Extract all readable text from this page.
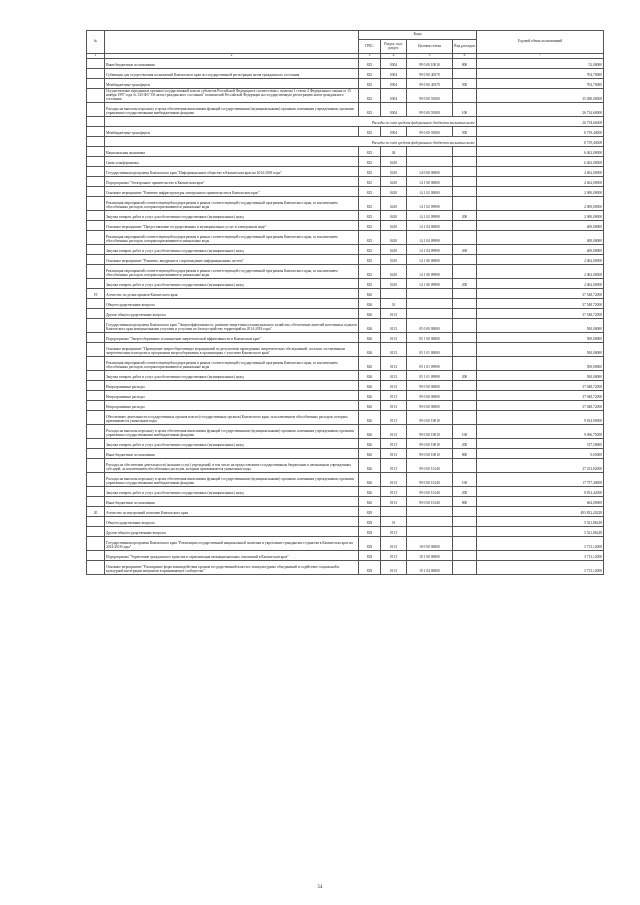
№		Коды				Годовой объем ассигнований
		ГРБС	Раздел, под-раздел	Целевая статья	Вид расходов	
1	2	3	4	5	6	7
	Иные бюджетные ассигнования	825	0304	99 0 00 10010	800	52,00000
	Субвенции для осуществления полномочий Камчатского края по государственной регистрации актов гражданского состояния	825	0304	99 0 00 40370		704,70000
	Межбюджетные трансферты	825	0304	99 0 00 40370	500	704,70000
	Осуществление переданных органам государственной власти субъектов Российской Федерации в соответствии с пунктом 1 статьи 4 Федерального закона от 15 ноября 1997 года № 143-ФЗ "Об актах гражданского состояния" полномочий Российской Федерации на государственную регистрацию актов гражданского состояния	825	0304	99 0 00 59300		35 490,00000
	Расходы на выплаты персоналу в целях обеспечения выполнения функций государственными (муниципальными) органами, казенными учреждениями, органами управления государственными внебюджетными фондами	825	0304	99 0 00 59300	100	26 734,60000
	Расходы за счет средств федерального бюджета письменно ниже					26 734,60000
	Межбюджетные трансферты	825	0304	99 0 00 59300	500	8 739,40000
	Расходы за счет средств федерального бюджета письменно ниже					8 739,40000
	Национальная экономика	825	04			6 462,00000
	Связь и информатика	825	0410			6 462,00000
	Государственная программа Камчатского края "Информационное общество в Камчатском крае на 2014-2018 годы"	825	0410	14 0 00 00000		4 462,00000
	Подпрограмма "Электронное правительство в Камчатском крае"	825	0410	14 1 00 00000		4 462,00000
	Основное мероприятие "Развитие инфраструктуры электронного правительства в Камчатском крае"	825	0410	14 1 02 00000		2 000,00000
	Реализация мероприятий соответствующей подпрограммы в рамках соответствующей государственной программы Камчатского края, за исключением обособленных расходов, которым присваиваются уникальные коды	825	0410	14 1 02 09990		2 000,00000
	Закупка товаров, работ и услуг для обеспечения государственных (муниципальных) нужд	825	0410	14 1 02 09990	200	2 000,00000
	Основное мероприятие "Предоставление государственных и муниципальных услуг в электронном виде"	825	0410	14 1 04 00000		400,00000
	Реализация мероприятий соответствующей подпрограммы в рамках соответствующей государственной программы Камчатского края, за исключением обособленных расходов, которым присваиваются уникальные коды	825	0410	14 1 04 09990		400,00000
	Закупка товаров, работ и услуг для обеспечения государственных (муниципальных) нужд	825	0410	14 1 04 09990	200	400,00000
	Основное мероприятие "Развитие, внедрение и сопровождение информационных систем"	825	0410	14 1 06 00000		2 062,00000
	Реализация мероприятий соответствующей подпрограммы в рамках соответствующей государственной программы Камчатского края, за исключением обособленных расходов, которым присваиваются уникальные коды	825	0410	14 1 06 09990		2 062,00000
	Закупка товаров, работ и услуг для обеспечения государственных (муниципальных) нужд	825	0410	14 1 06 09990	200	2 062,00000
19	Агентство по делам архивов Камчатского края	826				37 548,72000
	Общегосударственные вопросы	826	01			37 548,72000
	Другие общегосударственные вопросы	826	0113			37 548,72000
	Государственная программа Камчатского края "Энергоэффективность, развитие энергетики и коммунального хозяйства, обеспечение жителей населенных пунктов Камчатского края коммунальными услугами и услугами по благоустройству территорий на 2014-2018 годы"	826	0113	05 0 00 00000		500,00000
	Подпрограмма "Энергосбережение и повышение энергетической эффективности в Камчатском крае"	826	0113	05 1 00 00000		500,00000
	Основное мероприятие "Проведение энергосберегающих мероприятий по результатам проведенных энергетических обследований, согласно составленным энергетическим паспортам и программам энергосбережения в организациях с участием Камчатского края"	826	0113	05 1 01 00000		500,00000
	Реализация мероприятий соответствующей подпрограммы в рамках соответствующей государственной программы Камчатского края, за исключением обособленных расходов, которым присваиваются уникальные коды	826	0113	05 1 01 09990		500,00000
	Закупка товаров, работ и услуг для обеспечения государственных (муниципальных) нужд	826	0113	05 1 01 09990	200	500,00000
	Непрограммные расходы	826	0113	99 0 00 00000		37 048,72000
	Непрограммные расходы	826	0113	99 0 00 00000		37 048,72000
	Непрограммные расходы	826	0113	99 0 00 00000		37 048,72000
	Обеспечение деятельности государственных органов власти (государственных органов) Камчатского края, за исключением обособленных расходов, которым присваиваются уникальные коды	826	0113	99 0 00 10010		9 814,90000
	Расходы на выплаты персоналу в целях обеспечения выполнения функций государственными (муниципальными) органами, казенными учреждениями, органами управления государственными внебюджетными фондами	826	0113	99 0 00 10010	100	9 496,75000
	Закупка товаров, работ и услуг для обеспечения государственных (муниципальных) нужд	826	0113	99 0 00 10010	200	317,50000
	Иные бюджетные ассигнования	826	0113	99 0 00 10010	800	0,65000
	Расходы на обеспечение деятельности (оказание услуг) учреждений, в том числе на предоставление государственным бюджетным и автономным учреждениям субсидий, за исключением обособленных расходов, которым присваиваются уникальные коды	826	0113	99 0 00 10140		27 233,82000
	Расходы на выплаты персоналу в целях обеспечения выполнения функций государственными (муниципальными) органами, казенными учреждениями, органами управления государственными внебюджетными фондами	826	0113	99 0 00 10140	100	17 757,40000
	Закупка товаров, работ и услуг для обеспечения государственных (муниципальных) нужд	826	0113	99 0 00 10140	200	8 812,42000
	Иные бюджетные ассигнования	826	0113	99 0 00 10140	800	664,00000
20	Агентство по внутренней политике Камчатского края	829				493 852,20228
	Общегосударственные вопросы	829	01			5 321,86228
	Другие общегосударственные вопросы	829	0113			5 321,86228
	Государственная программа Камчатского края "Реализация государственной национальной политики и укрепление гражданского единства в Камчатском крае на 2014-2018 годы"	829	0113	18 0 00 00000		3 713,12000
	Подпрограмма "Укрепление гражданского единства и гармонизация межнациональных отношений в Камчатском крае"	829	0113	18 1 00 00000		3 713,12000
	Основное мероприятие "Расширение форм взаимодействия органов государственной власти и этнокультурных объединений и содействие социальной и культурной интеграции мигрантов в принимающее сообщество"	829	0113	18 1 04 00000		3 713,12000
54
